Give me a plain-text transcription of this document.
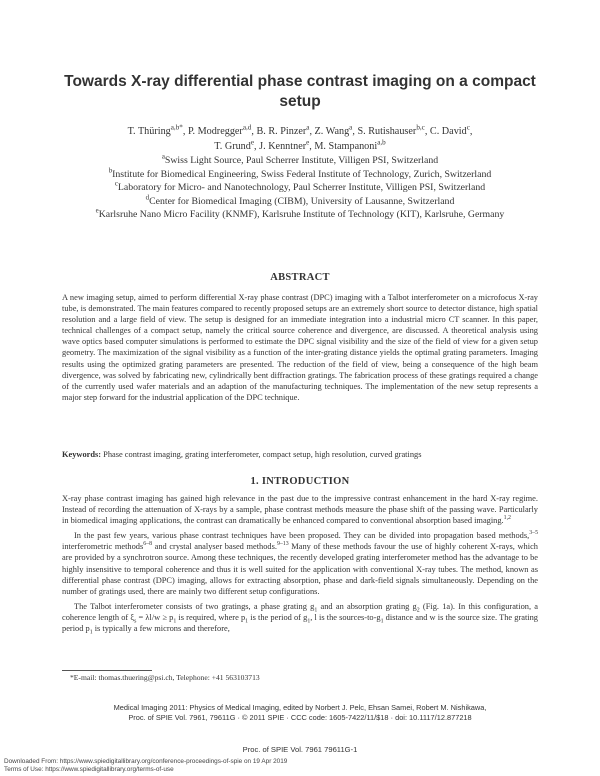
Towards X-ray differential phase contrast imaging on a compact setup
T. Thüring$^{a,b*}$, P. Modregger$^{a,d}$, B. R. Pinzer$^a$, Z. Wang$^a$, S. Rutishauser$^{b,c}$, C. David$^c$,
T. Grund$^e$, J. Kenntner$^e$, M. Stampanoni$^{a,b}$

$^a$Swiss Light Source, Paul Scherrer Institute, Villigen PSI, Switzerland

$^b$Institute for Biomedical Engineering, Swiss Federal Institute of Technology, Zurich, Switzerland

$^c$Laboratory for Micro- and Nanotechnology, Paul Scherrer Institute, Villigen PSI, Switzerland

$^d$Center for Biomedical Imaging (CIBM), University of Lausanne, Switzerland

$^e$Karlsruhe Nano Micro Facility (KNMF), Karlsruhe Institute of Technology (KIT), Karlsruhe, Germany

ABSTRACT
A new imaging setup, aimed to perform differential X-ray phase contrast (DPC) imaging with a Talbot interferometer on a microfocus X-ray tube, is demonstrated. The main features compared to recently proposed setups are an extremely short source to detector distance, high spatial resolution and a large field of view. The setup is designed for an immediate integration into a industrial micro CT scanner. In this paper, technical challenges of a compact setup, namely the critical source coherence and divergence, are discussed. A theoretical analysis using wave optics based computer simulations is performed to estimate the DPC signal visibility and the size of the field of view for a given setup geometry. The maximization of the signal visibility as a function of the inter-grating distance yields the optimal grating parameters. Imaging results using the optimized grating parameters are presented. The reduction of the field of view, being a consequence of the high beam divergence, was solved by fabricating new, cylindrically bent diffraction gratings. The fabrication process of these gratings required a change of the currently used wafer materials and an adaption of the manufacturing techniques. The implementation of the new setup represents a major step forward for the industrial application of the DPC technique.
Keywords: Phase contrast imaging, grating interferometer, compact setup, high resolution, curved gratings
1. INTRODUCTION

X-ray phase contrast imaging has gained high relevance in the past due to the impressive contrast enhancement in the hard X-ray regime. Instead of recording the attenuation of X-rays by a sample, phase contrast methods measure the phase shift of the passing wave. Particularly in biomedical imaging applications, the contrast can dramatically be enhanced compared to conventional absorption based imaging.$^{1,2}$

In the past few years, various phase contrast techniques have been proposed. They can be divided into propagation based methods,$^{3-5}$ interferometric methods$^{6-8}$ and crystal analyser based methods.$^{9-13}$ Many of these methods favour the use of highly coherent X-rays, which are provided by a synchrotron source. Among these techniques, the recently developed grating interferometer method has the advantage to be highly insensitive to temporal coherence and thus it is well suited for the application with conventional X-ray tubes. The method, known as differential phase contrast (DPC) imaging, allows for extracting absorption, phase and dark-field signals simultaneously. Depending on the number of gratings used, there are mainly two different setup configurations.

The Talbot interferometer consists of two gratings, a phase grating $g_1$ and an absorption grating $g_2$ (Fig. 1a). In this configuration, a coherence length of $\xi_s = \lambda l/w \ge p_1$ is required, where $p_1$ is the period of $g_1$, l is the sources-$to-g_1$ distance and w is the source size. The grating period $p_1$ is typically a few microns and therefore,

*E-mail: thomas.thuering@psi.ch, Telephone: +41 563103713
Medical Imaging 2011: Physics of Medical Imaging, edited by Norbert J. Pelc, Ehsan Samei, Robert M. Nishikawa,
Proc. of SPIE Vol. 7961, 79611G · © 2011 SPIE · CCC code: 1605-7422/11/$18 · doi: 10.1117/12.877218
Proc. of SPIE Vol. 7961 79611G-1
Downloaded From: https://www.spiedigitallibrary.org/conference-proceedings-of-spie on 19 Apr 2019
Terms of Use: https://www.spiedigitallibrary.org/terms-of-use
